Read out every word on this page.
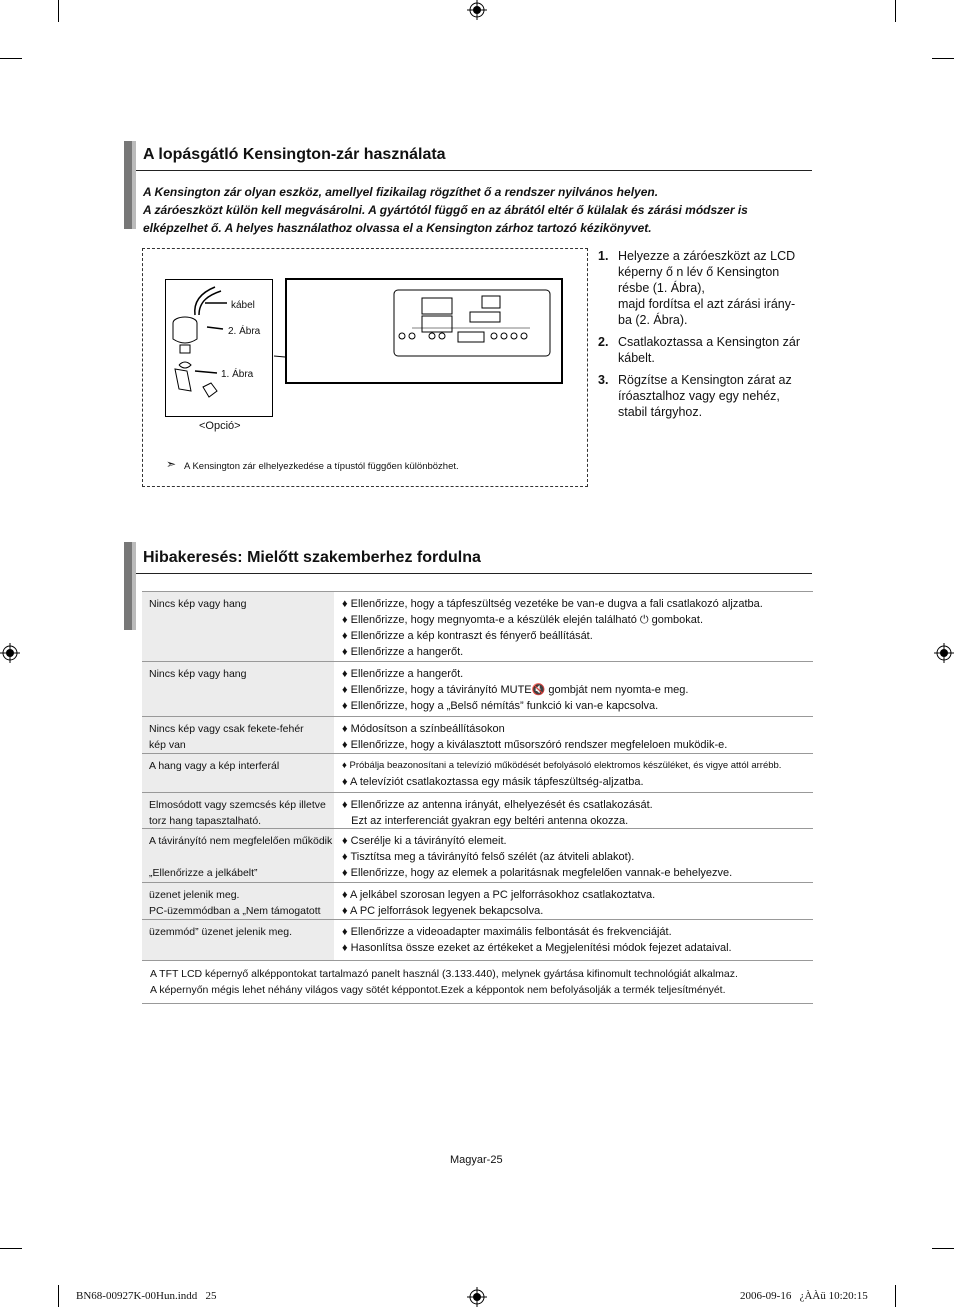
A lopásgátló Kensington-zár használata

A Kensington zár olyan eszköz, amellyel fizikailag rögzíthet ő a rendszer nyilvános helyen.

A záróeszközt külön kell megvásárolni. A gyártótól függő en az ábrától eltér ő külalak és zárási módszer is

elképzelhet ő. A helyes használathoz olvassa el a Kensington zárhoz tartozó kézikönyvet.

kábel
2. Ábra
1. Ábra
<Opció>
➣ A Kensington zár elhelyezkedése a típustól függően különbözhet.
1. Helyezze a záróeszközt az LCD
képerny ő n lév ő Kensington
résbe (1. Ábra),
majd fordítsa el azt zárási irány-
ba (2. Ábra).
2. Csatlakoztassa a Kensington zár
kábelt.
3. Rögzítse a Kensington zárat az
íróasztalhoz vagy egy nehéz,
stabil tárgyhoz.
Hibakeresés: Mielőtt szakemberhez fordulna
Nincs kép vagy hang	♦ Ellenőrizze, hogy a tápfeszültség vezetéke be van-e dugva a fali csatlakozó aljzatba.
♦ Ellenőrizze, hogy megnyomta-e a készülék elején található ⏻ gombokat.
♦ Ellenőrizze a kép kontraszt és fényerő beállítását.
♦ Ellenőrizze a hangerőt.
Nincs kép vagy hang	♦ Ellenőrizze a hangerőt.
♦ Ellenőrizze, hogy a távirányító MUTE🔇 gombját nem nyomta-e meg.
♦ Ellenőrizze, hogy a „Belső némítás” funkció ki van-e kapcsolva.
Nincs kép vagy csak fekete-fehér
kép van
♦ Módosítson a színbeállításokon
♦ Ellenőrizze, hogy a kiválasztott műsorszóró rendszer megfeleloen muködik-e.
A hang vagy a kép interferál	♦ Próbálja beazonosítani a televízió működését befolyásoló elektromos készüléket, és vigye attól arrébb.
♦ A televíziót csatlakoztassa egy másik tápfeszültség-aljzatba.
Elmosódott vagy szemcsés kép illetve
torz hang tapasztalható.
♦ Ellenőrizze az antenna irányát, elhelyezését és csatlakozását.
Ezt az interferenciát gyakran egy beltéri antenna okozza.
A távirányító nem megfelelően működik

„Ellenőrizze a jelkábelt”
♦ Cserélje ki a távirányító elemeit.
♦ Tisztítsa meg a távirányító felső szélét (az átviteli ablakot).
♦ Ellenőrizze, hogy az elemek a polaritásnak megfelelően vannak-e behelyezve.
üzenet jelenik meg.
PC-üzemmódban a „Nem támogatott
♦ A jelkábel szorosan legyen a PC jelforrásokhoz csatlakoztatva.
♦ A PC jelforrások legyenek bekapcsolva.
üzemmód” üzenet jelenik meg.	♦ Ellenőrizze a videoadapter maximális felbontását és frekvenciáját.
♦ Hasonlítsa össze ezeket az értékeket a Megjelenítési módok fejezet adataival.
A TFT LCD képernyő alképpontokat tartalmazó panelt használ (3.133.440), melynek gyártása kifinomult technológiát alkalmaz.
A képernyőn mégis lehet néhány világos vagy sötét képpontot.Ezek a képpontok nem befolyásolják a termék teljesítményét.
Magyar-25
BN68-00927K-00Hun.indd   25	2006-09-16   ¿ÀÀü 10:20:15
